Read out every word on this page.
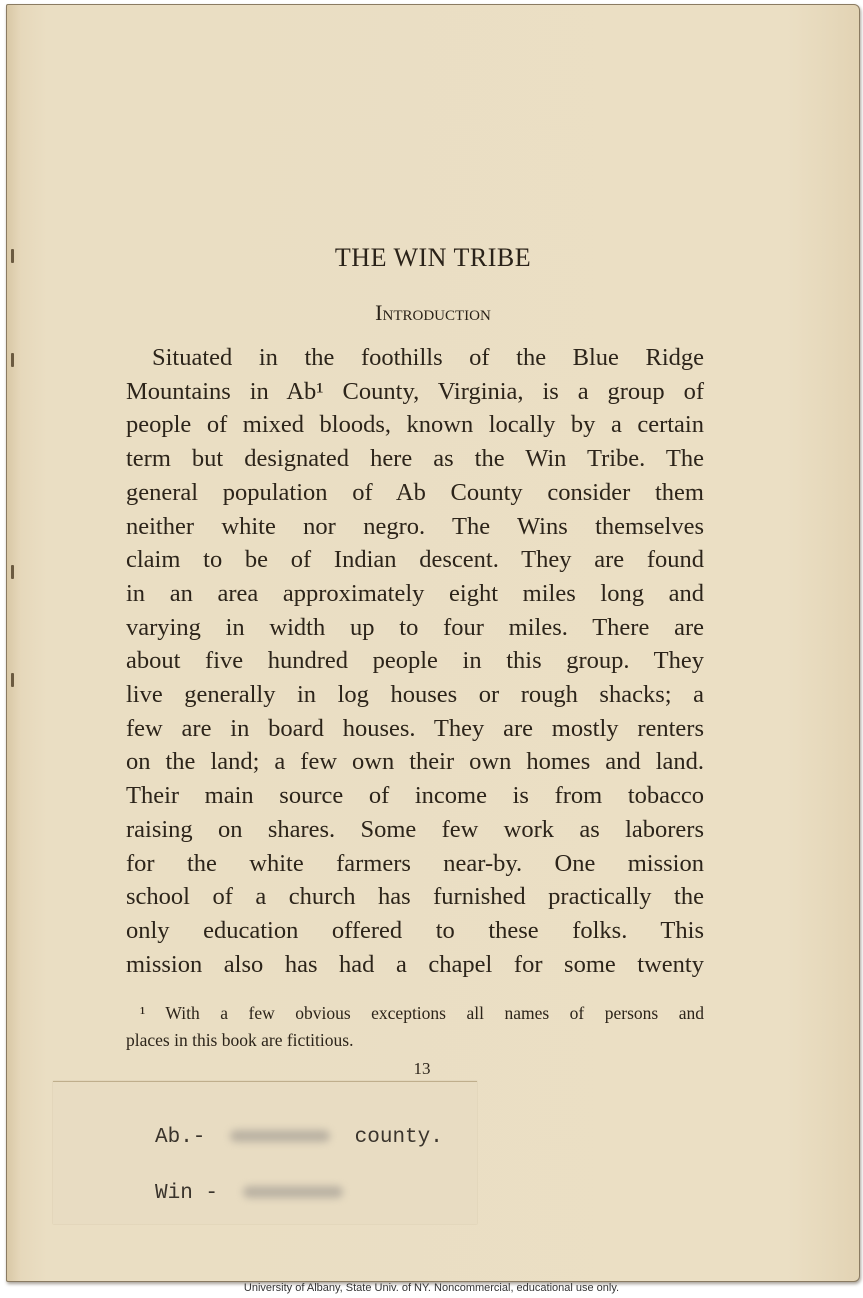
THE WIN TRIBE
Introduction

Situated in the foothills of the Blue Ridge
Mountains in Ab¹ County, Virginia, is a group of
people of mixed bloods, known locally by a certain
term but designated here as the Win Tribe. The
general population of Ab County consider them
neither white nor negro. The Wins themselves
claim to be of Indian descent. They are found
in an area approximately eight miles long and
varying in width up to four miles. There are
about five hundred people in this group. They
live generally in log houses or rough shacks; a
few are in board houses. They are mostly renters
on the land; a few own their own homes and land.
Their main source of income is from tobacco
raising on shares. Some few work as laborers
for the white farmers near-by. One mission
school of a church has furnished practically the
only education offered to these folks. This
mission also has had a chapel for some twenty

¹ With a few obvious exceptions all names of persons and
places in this book are fictitious.
13
Ab.-	county.
Win -
University of Albany, State Univ. of NY. Noncommercial, educational use only.
